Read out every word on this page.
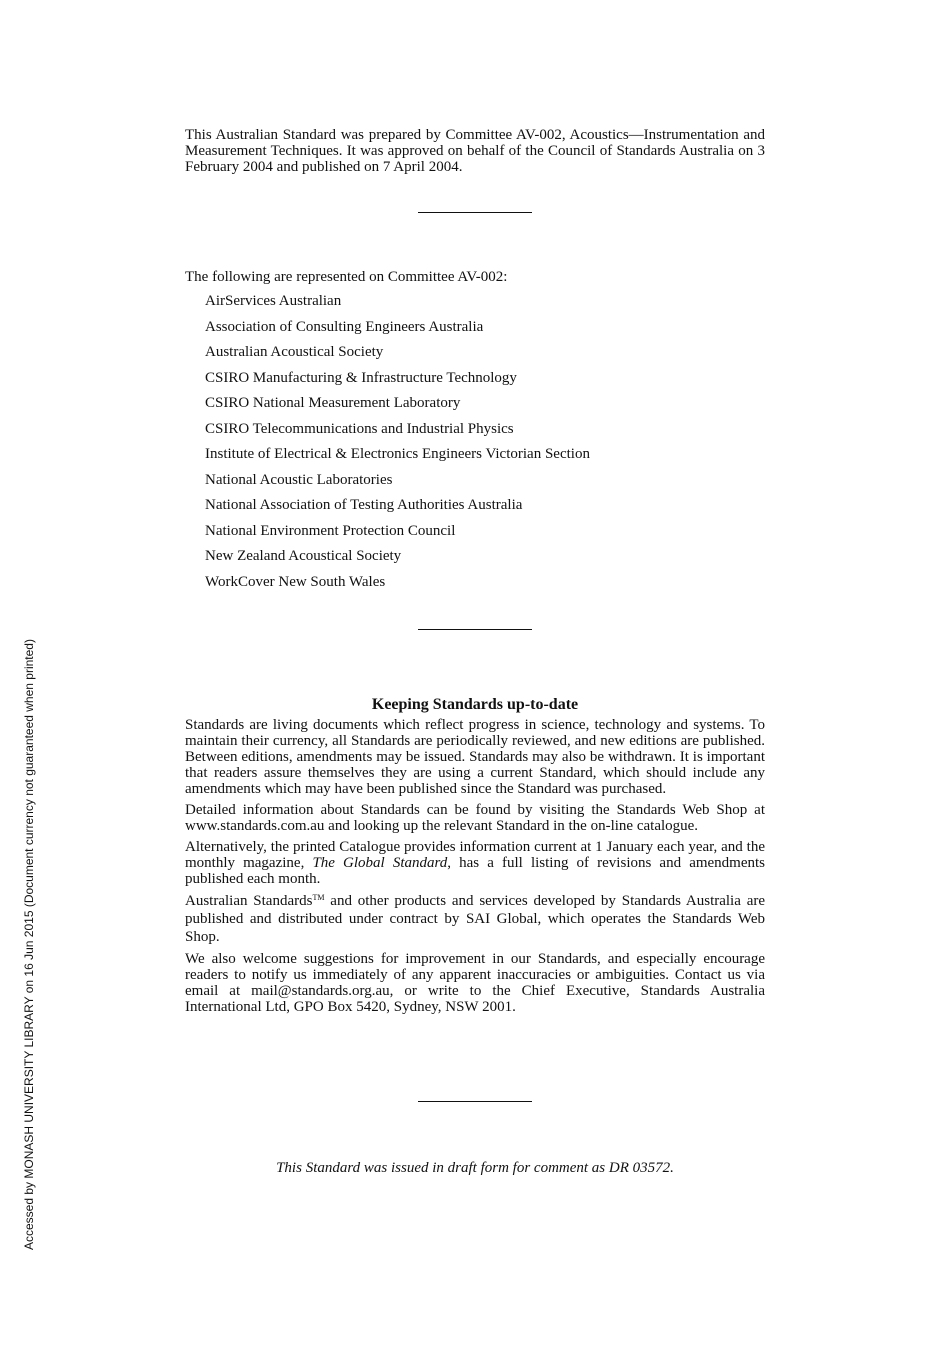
Accessed by MONASH UNIVERSITY LIBRARY on 16 Jun 2015 (Document currency not guaranteed when printed)

This Australian Standard was prepared by Committee AV-002, Acoustics—Instrumentation and Measurement Techniques. It was approved on behalf of the Council of Standards Australia on 3 February 2004 and published on 7 April 2004.

The following are represented on Committee AV-002:

AirServices Australian
Association of Consulting Engineers Australia
Australian Acoustical Society
CSIRO Manufacturing & Infrastructure Technology
CSIRO National Measurement Laboratory
CSIRO Telecommunications and Industrial Physics
Institute of Electrical & Electronics Engineers Victorian Section
National Acoustic Laboratories
National Association of Testing Authorities Australia
National Environment Protection Council
New Zealand Acoustical Society
WorkCover New South Wales
Keeping Standards up-to-date

Standards are living documents which reflect progress in science, technology and systems. To maintain their currency, all Standards are periodically reviewed, and new editions are published. Between editions, amendments may be issued. Standards may also be withdrawn. It is important that readers assure themselves they are using a current Standard, which should include any amendments which may have been published since the Standard was purchased.

Detailed information about Standards can be found by visiting the Standards Web Shop at www.standards.com.au and looking up the relevant Standard in the on-line catalogue.

Alternatively, the printed Catalogue provides information current at 1 January each year, and the monthly magazine, The Global Standard, has a full listing of revisions and amendments published each month.

Australian Standards™ and other products and services developed by Standards Australia are published and distributed under contract by SAI Global, which operates the Standards Web Shop.

We also welcome suggestions for improvement in our Standards, and especially encourage readers to notify us immediately of any apparent inaccuracies or ambiguities. Contact us via email at mail@standards.org.au, or write to the Chief Executive, Standards Australia International Ltd, GPO Box 5420, Sydney, NSW 2001.

This Standard was issued in draft form for comment as DR 03572.
